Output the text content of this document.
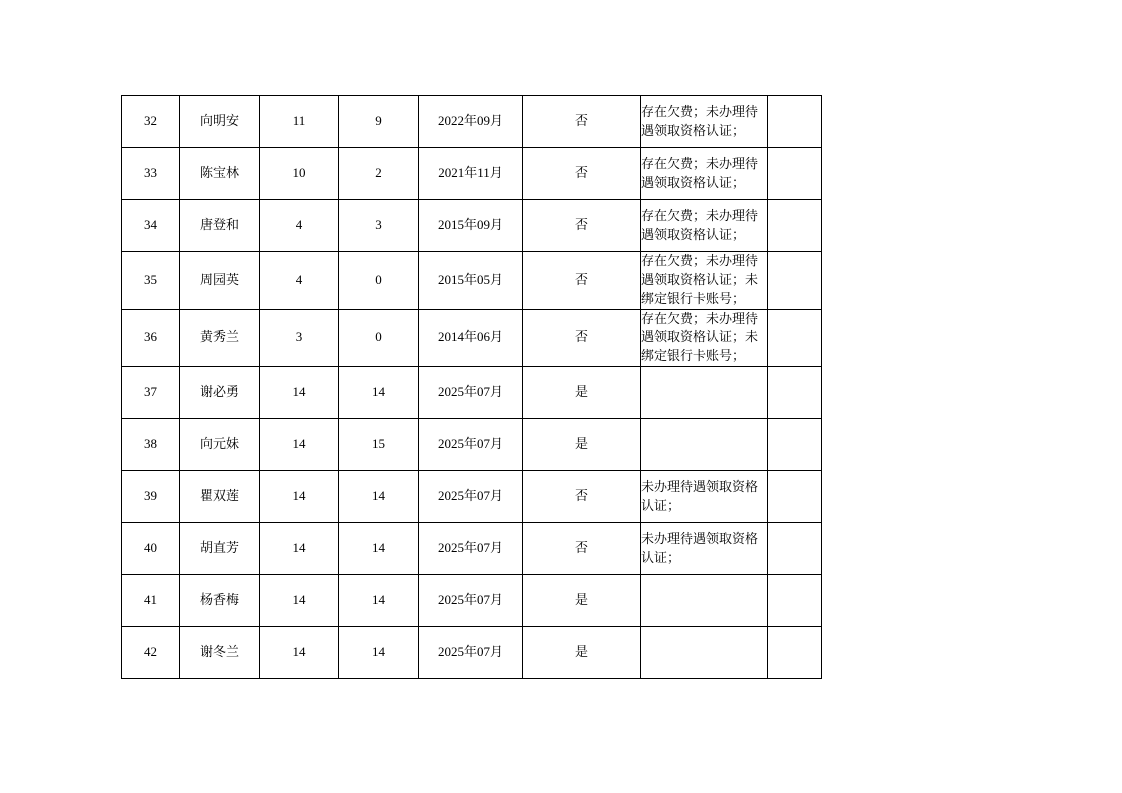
32	向明安	11	9	2022年09月	否	存在欠费；未办理待遇领取资格认证；	
33	陈宝林	10	2	2021年11月	否	存在欠费；未办理待遇领取资格认证；	
34	唐登和	4	3	2015年09月	否	存在欠费；未办理待遇领取资格认证；	
35	周园英	4	0	2015年05月	否	存在欠费；未办理待遇领取资格认证；未绑定银行卡账号；	
36	黄秀兰	3	0	2014年06月	否	存在欠费；未办理待遇领取资格认证；未绑定银行卡账号；	
37	谢必勇	14	14	2025年07月	是		
38	向元妹	14	15	2025年07月	是		
39	瞿双莲	14	14	2025年07月	否	未办理待遇领取资格认证；	
40	胡直芳	14	14	2025年07月	否	未办理待遇领取资格认证；	
41	杨香梅	14	14	2025年07月	是		
42	谢冬兰	14	14	2025年07月	是		
